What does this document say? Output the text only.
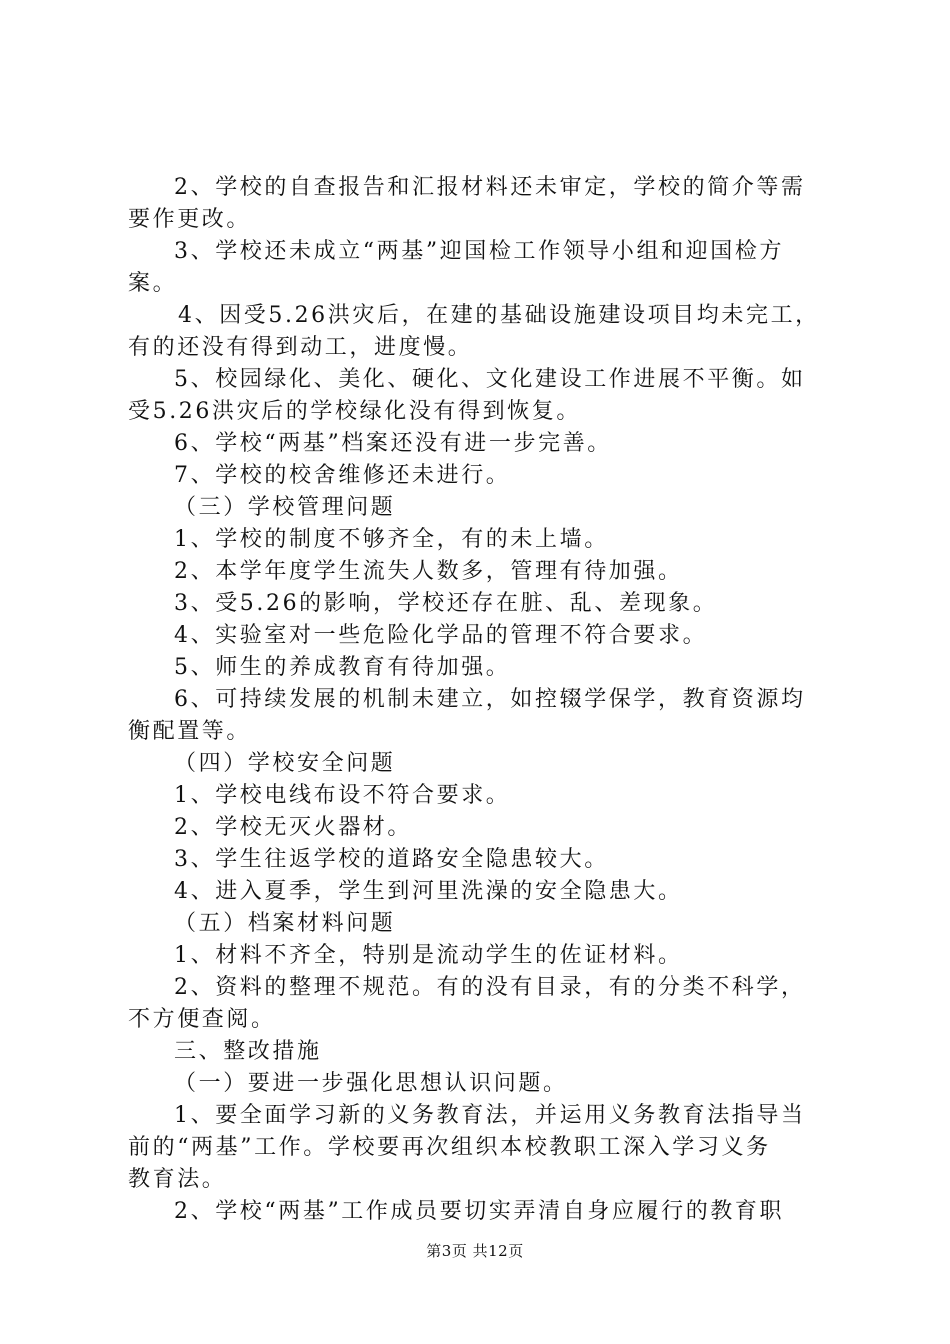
2、学校的自查报告和汇报材料还未审定，学校的简介等需
要作更改。
3、学校还未成立“两基”迎国检工作领导小组和迎国检方
案。
4、因受5.26洪灾后，在建的基础设施建设项目均未完工，
有的还没有得到动工，进度慢。
5、校园绿化、美化、硬化、文化建设工作进展不平衡。如
受5.26洪灾后的学校绿化没有得到恢复。
6、学校“两基”档案还没有进一步完善。
7、学校的校舍维修还未进行。
（三）学校管理问题
1、学校的制度不够齐全，有的未上墙。
2、本学年度学生流失人数多，管理有待加强。
3、受5.26的影响，学校还存在脏、乱、差现象。
4、实验室对一些危险化学品的管理不符合要求。
5、师生的养成教育有待加强。
6、可持续发展的机制未建立，如控辍学保学，教育资源均
衡配置等。
（四）学校安全问题
1、学校电线布设不符合要求。
2、学校无灭火器材。
3、学生往返学校的道路安全隐患较大。
4、进入夏季，学生到河里洗澡的安全隐患大。
（五）档案材料问题
1、材料不齐全，特别是流动学生的佐证材料。
2、资料的整理不规范。有的没有目录，有的分类不科学，
不方便查阅。
三、整改措施
（一）要进一步强化思想认识问题。
1、要全面学习新的义务教育法，并运用义务教育法指导当
前的“两基”工作。学校要再次组织本校教职工深入学习义务
教育法。
2、学校“两基”工作成员要切实弄清自身应履行的教育职
第3页 共12页
